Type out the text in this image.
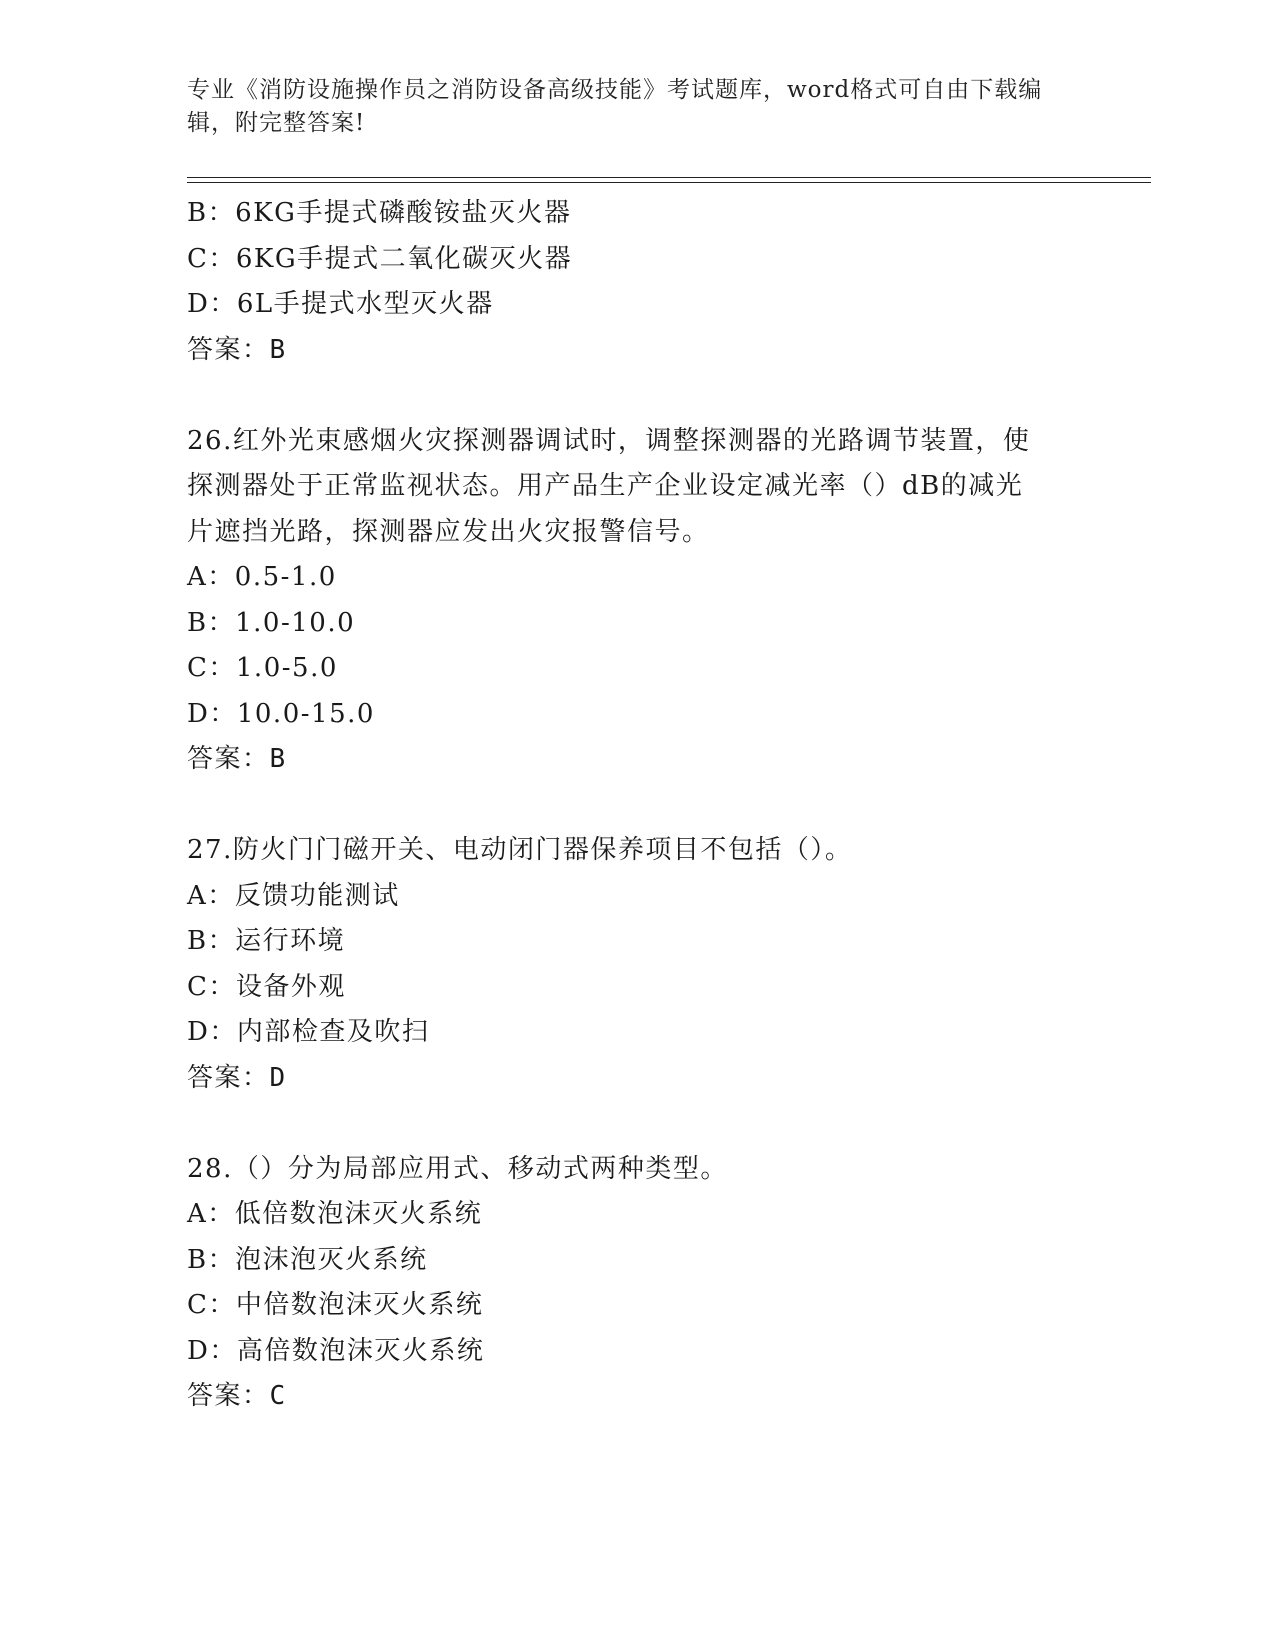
专业《消防设施操作员之消防设备高级技能》考试题库，word格式可自由下载编
辑，附完整答案!
B：6KG手提式磷酸铵盐灭火器
C：6KG手提式二氧化碳灭火器
D：6L手提式水型灭火器
答案：B
26.红外光束感烟火灾探测器调试时，调整探测器的光路调节装置，使
探测器处于正常监视状态。用产品生产企业设定减光率（）dB的减光
片遮挡光路，探测器应发出火灾报警信号。
A：0.5-1.0
B：1.0-10.0
C：1.0-5.0
D：10.0-15.0
答案：B
27.防火门门磁开关、电动闭门器保养项目不包括（）。
A：反馈功能测试
B：运行环境
C：设备外观
D：内部检查及吹扫
答案：D
28.（）分为局部应用式、移动式两种类型。
A：低倍数泡沫灭火系统
B：泡沫泡灭火系统
C：中倍数泡沫灭火系统
D：高倍数泡沫灭火系统
答案：C
